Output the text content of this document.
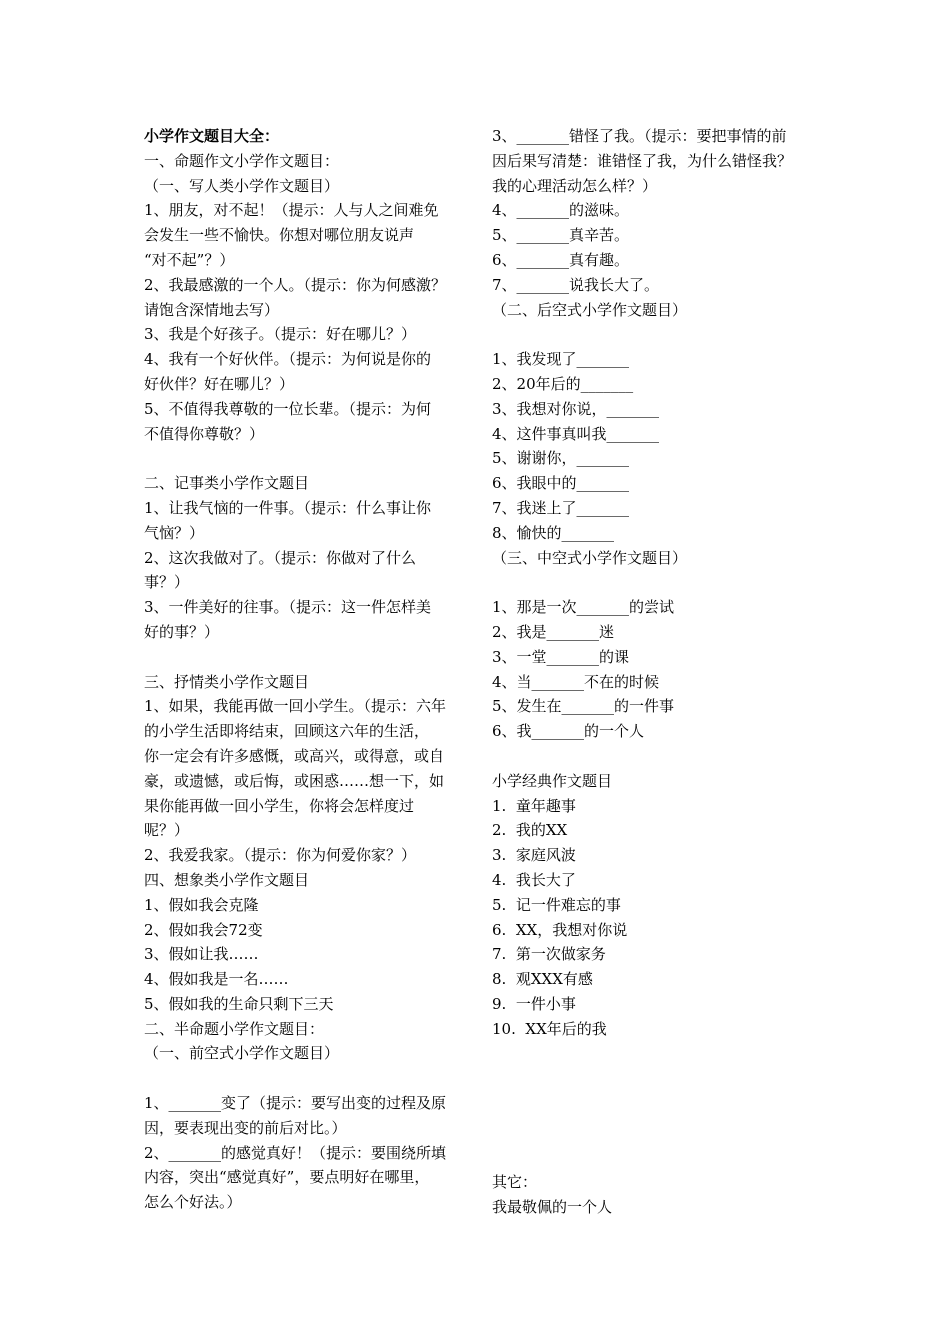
小学作文题目大全：
一、命题作文小学作文题目：
（一、写人类小学作文题目）
1、朋友，对不起！（提示：人与人之间难免
会发生一些不愉快。你想对哪位朋友说声
“对不起”？）
2、我最感激的一个人。（提示：你为何感激？
请饱含深情地去写）
3、我是个好孩子。（提示：好在哪儿？）
4、我有一个好伙伴。（提示：为何说是你的
好伙伴？好在哪儿？）
5、不值得我尊敬的一位长辈。（提示：为何
不值得你尊敬？）
二、记事类小学作文题目
1、让我气恼的一件事。（提示：什么事让你
气恼？）
2、这次我做对了。（提示：你做对了什么
事？）
3、一件美好的往事。（提示：这一件怎样美
好的事？）
三、抒情类小学作文题目
1、如果，我能再做一回小学生。（提示：六年
的小学生活即将结束，回顾这六年的生活，
你一定会有许多感慨，或高兴，或得意，或自
豪，或遗憾，或后悔，或困惑……想一下，如
果你能再做一回小学生，你将会怎样度过
呢？）
2、我爱我家。（提示：你为何爱你家？）
四、想象类小学作文题目
1、假如我会克隆
2、假如我会72变
3、假如让我……
4、假如我是一名……
5、假如我的生命只剩下三天
二、半命题小学作文题目：
（一、前空式小学作文题目）
1、_______变了（提示：要写出变的过程及原
因，要表现出变的前后对比。）
2、_______的感觉真好！（提示：要围绕所填
内容，突出“感觉真好”，要点明好在哪里，
怎么个好法。）
3、_______错怪了我。（提示：要把事情的前
因后果写清楚：谁错怪了我，为什么错怪我？
我的心理活动怎么样？）
4、_______的滋味。
5、_______真辛苦。
6、_______真有趣。
7、_______说我长大了。
（二、后空式小学作文题目）
1、我发现了_______
2、20年后的_______
3、我想对你说，_______
4、这件事真叫我_______
5、谢谢你，_______
6、我眼中的_______
7、我迷上了_______
8、愉快的_______
（三、中空式小学作文题目）
1、那是一次_______的尝试
2、我是_______迷
3、一堂_______的课
4、当_______不在的时候
5、发生在_______的一件事
6、我_______的一个人
小学经典作文题目
1.  童年趣事
2.  我的XX
3.  家庭风波
4.  我长大了
5.  记一件难忘的事
6.  XX，我想对你说
7.  第一次做家务
8.  观XXX有感
9.  一件小事
10.  XX年后的我
其它：
我最敬佩的一个人
